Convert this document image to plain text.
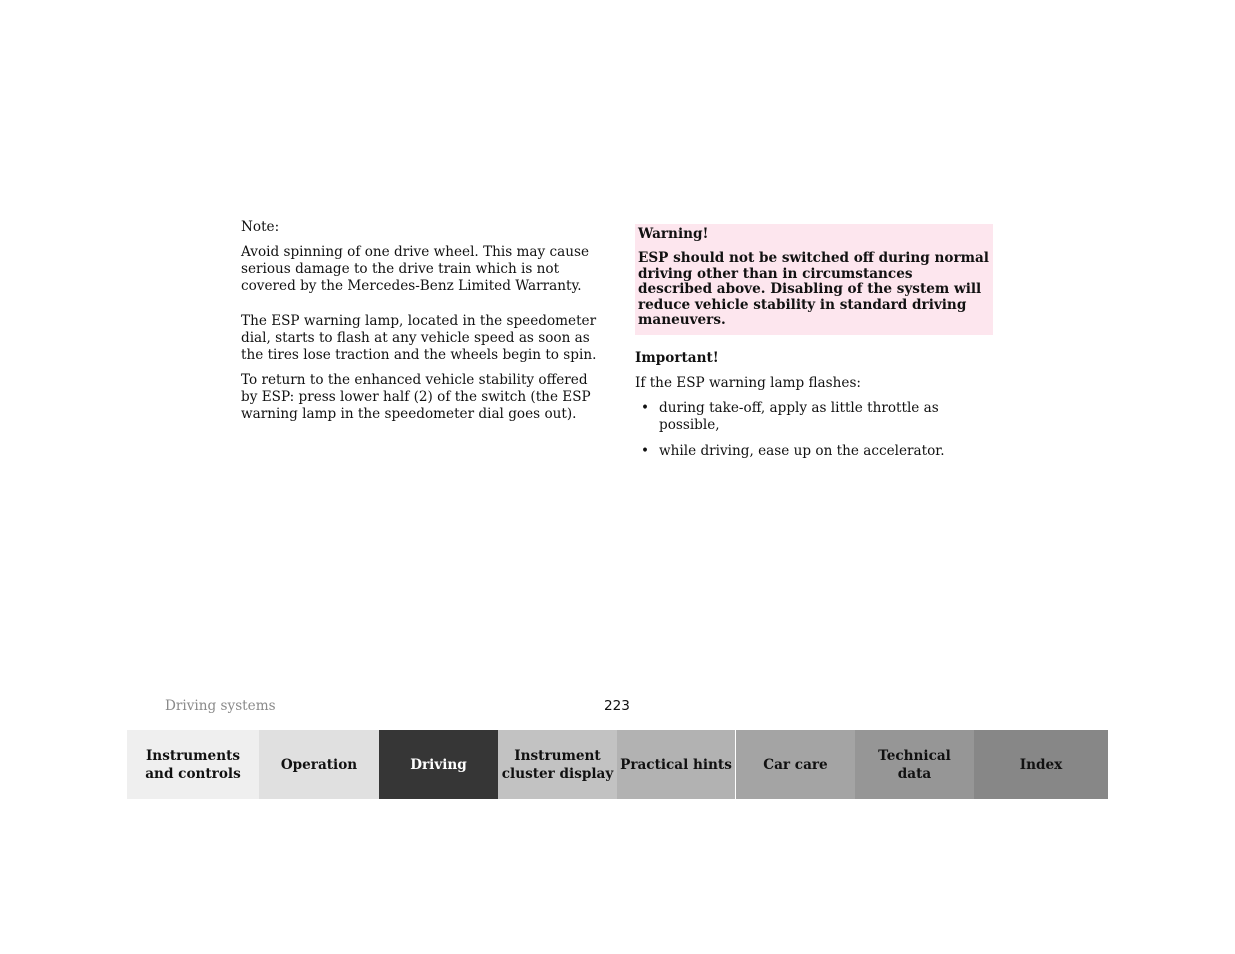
Note:

Avoid spinning of one drive wheel. This may cause serious damage to the drive train which is not covered by the Mercedes-Benz Limited Warranty.

The ESP warning lamp, located in the speedometer dial, starts to flash at any vehicle speed as soon as the tires lose traction and the wheels begin to spin.

To return to the enhanced vehicle stability offered by ESP: press lower half (2) of the switch (the ESP warning lamp in the speedometer dial goes out).

Warning!

ESP should not be switched off during normal driving other than in circumstances described above. Disabling of the system will reduce vehicle stability in standard driving maneuvers.

Important!

If the ESP warning lamp flashes:

• during take-off, apply as little throttle as possible,
• while driving, ease up on the accelerator.
Driving systems	223
Instruments
and controls
Operation	Driving
Instrument
cluster display
Practical hints Car care
Technical
data
Index
